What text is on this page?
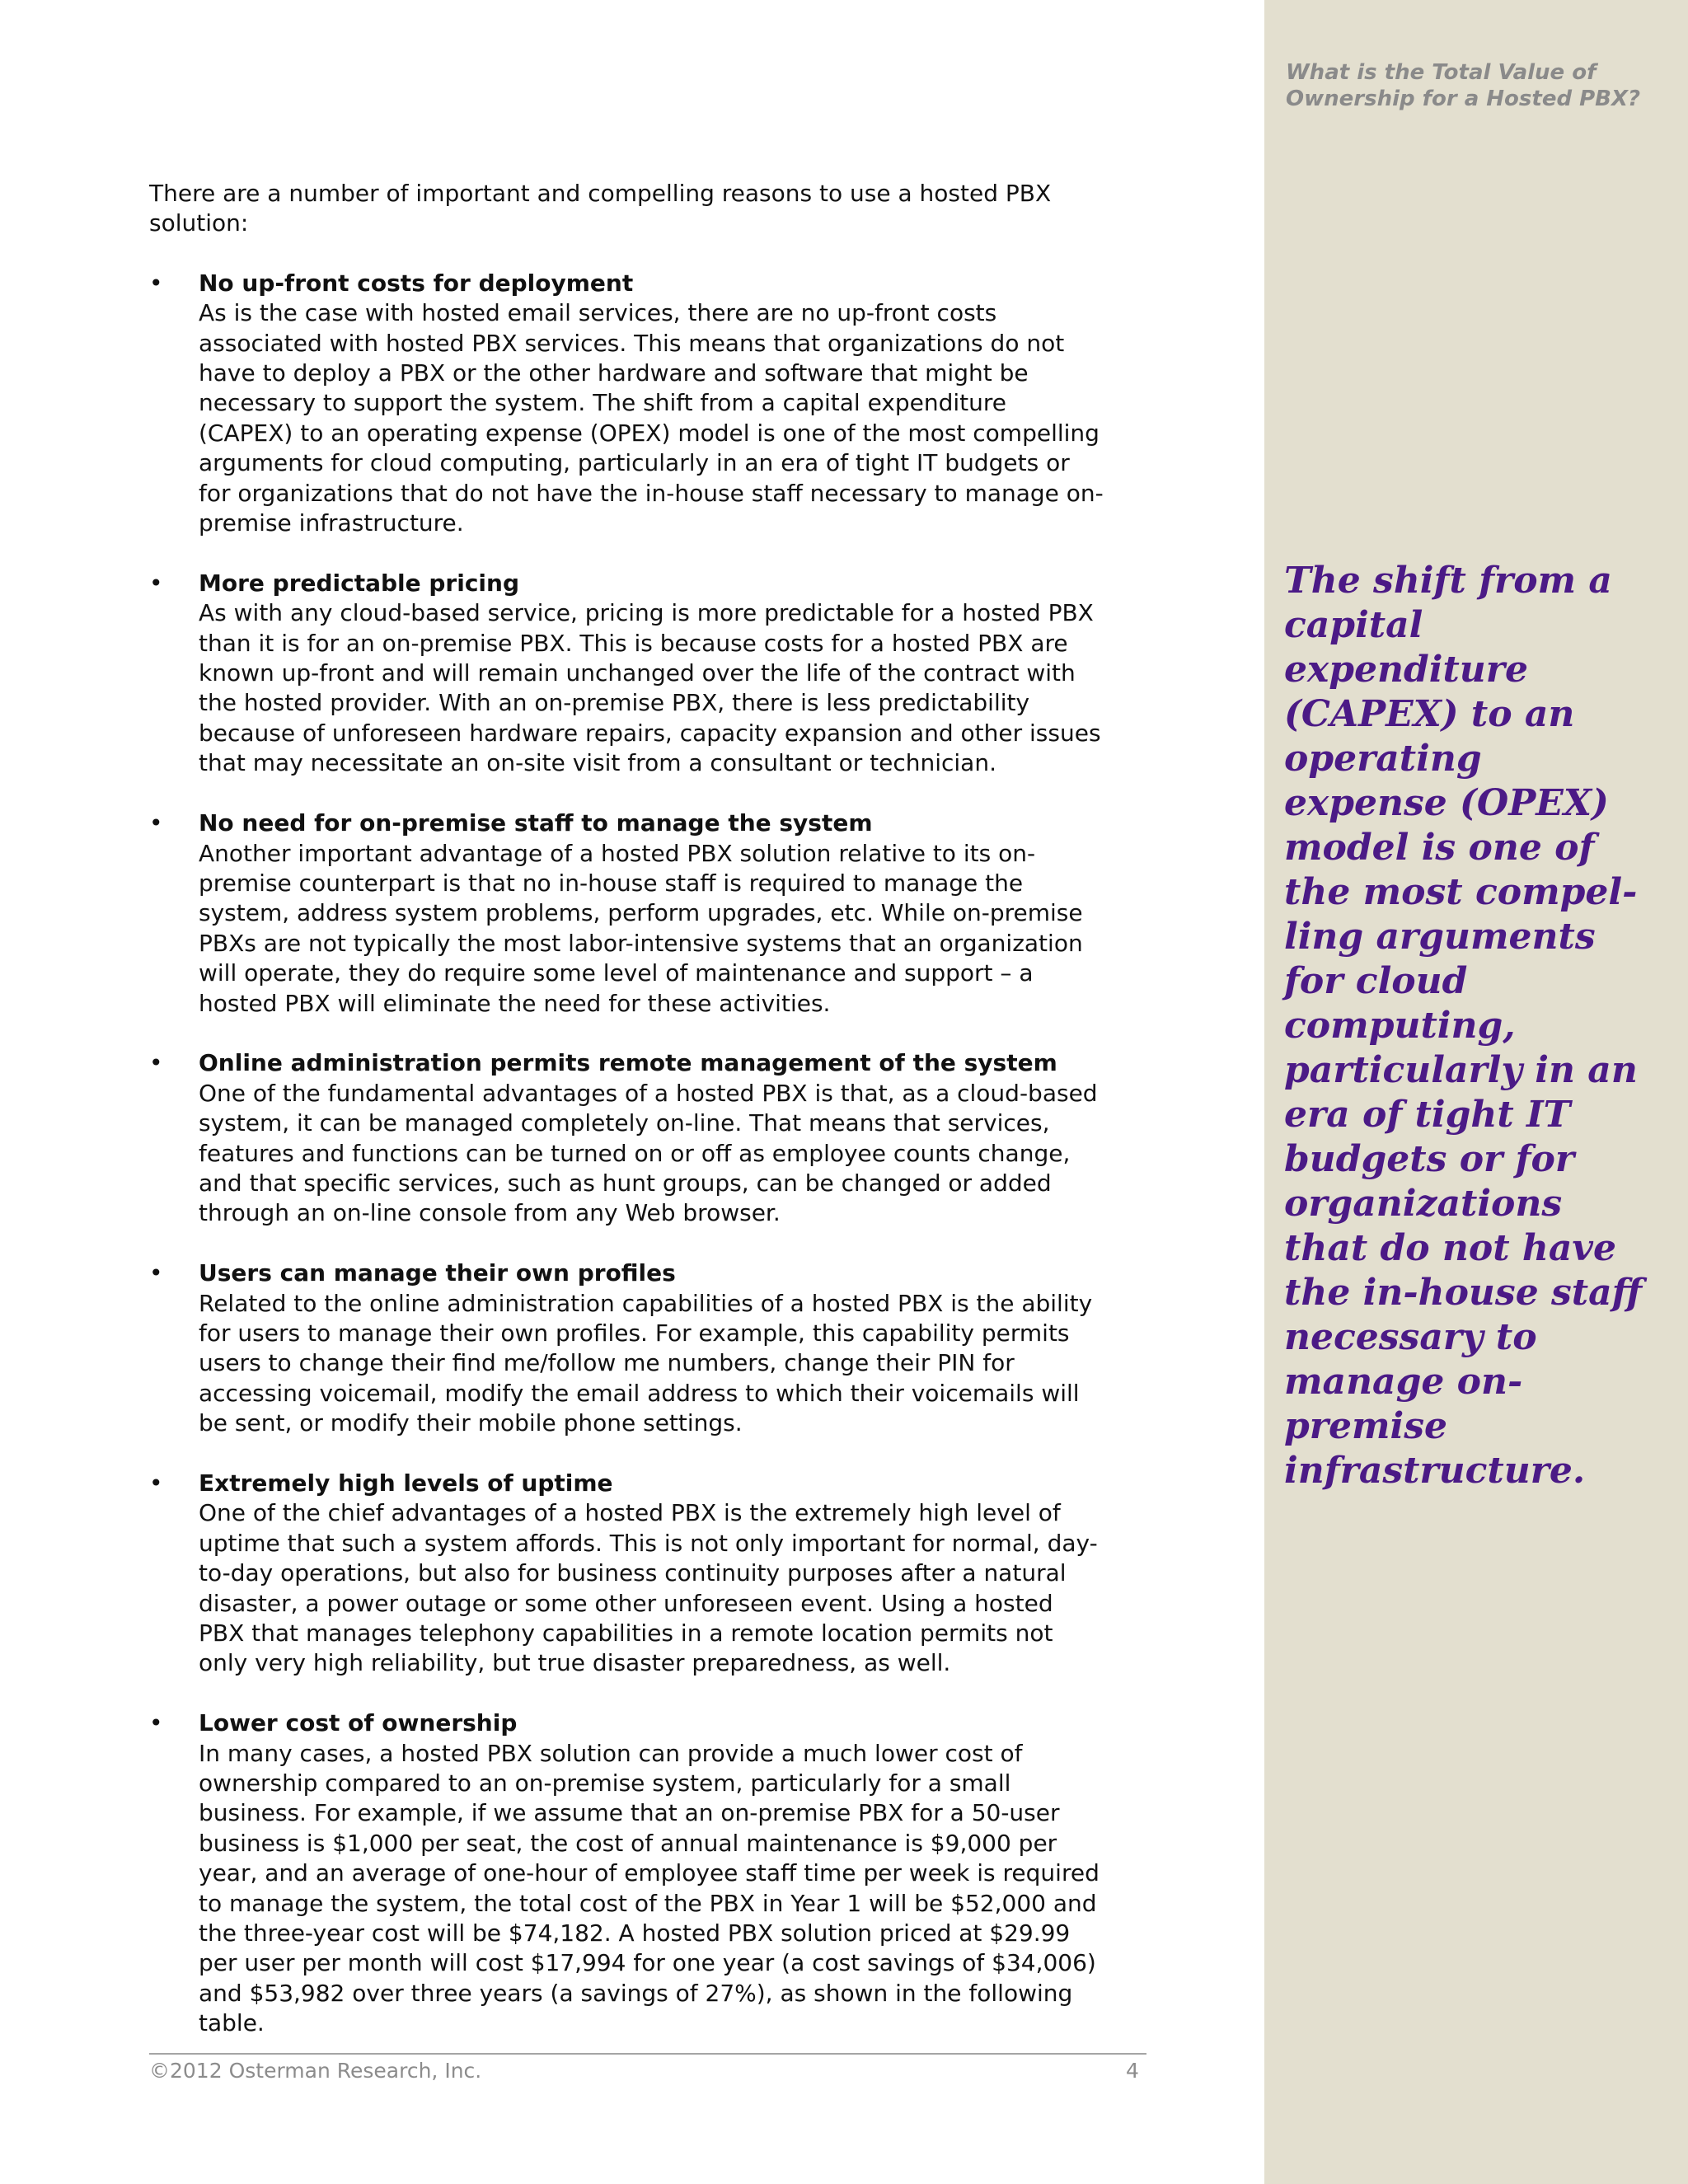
What is the Total Value of Ownership for a Hosted PBX?
The shift from a capital expenditure (CAPEX) to an operating expense (OPEX) model is one of the most compel-ling arguments for cloud computing, particularly in an era of tight IT budgets or for organizations that do not have the in-house staff necessary to manage on-premise infrastructure.

There are a number of important and compelling reasons to use a hosted PBX solution:

• No up-front costs for deployment
As is the case with hosted email services, there are no up-front costs associated with hosted PBX services. This means that organizations do not have to deploy a PBX or the other hardware and software that might be necessary to support the system. The shift from a capital expenditure (CAPEX) to an operating expense (OPEX) model is one of the most compelling arguments for cloud computing, particularly in an era of tight IT budgets or for organizations that do not have the in-house staff necessary to manage on-premise infrastructure.
• More predictable pricing
As with any cloud-based service, pricing is more predictable for a hosted PBX than it is for an on-premise PBX. This is because costs for a hosted PBX are known up-front and will remain unchanged over the life of the contract with the hosted provider. With an on-premise PBX, there is less predictability because of unforeseen hardware repairs, capacity expansion and other issues that may necessitate an on-site visit from a consultant or technician.
• No need for on-premise staff to manage the system
Another important advantage of a hosted PBX solution relative to its on-premise counterpart is that no in-house staff is required to manage the system, address system problems, perform upgrades, etc. While on-premise PBXs are not typically the most labor-intensive systems that an organization will operate, they do require some level of maintenance and support – a hosted PBX will eliminate the need for these activities.
• Online administration permits remote management of the system
One of the fundamental advantages of a hosted PBX is that, as a cloud-based system, it can be managed completely on-line. That means that services, features and functions can be turned on or off as employee counts change, and that specific services, such as hunt groups, can be changed or added through an on-line console from any Web browser.
• Users can manage their own profiles
Related to the online administration capabilities of a hosted PBX is the ability for users to manage their own profiles. For example, this capability permits users to change their find me/follow me numbers, change their PIN for accessing voicemail, modify the email address to which their voicemails will be sent, or modify their mobile phone settings.
• Extremely high levels of uptime
One of the chief advantages of a hosted PBX is the extremely high level of uptime that such a system affords. This is not only important for normal, day-to-day operations, but also for business continuity purposes after a natural disaster, a power outage or some other unforeseen event. Using a hosted PBX that manages telephony capabilities in a remote location permits not only very high reliability, but true disaster preparedness, as well.
• Lower cost of ownership
In many cases, a hosted PBX solution can provide a much lower cost of ownership compared to an on-premise system, particularly for a small business. For example, if we assume that an on-premise PBX for a 50-user business is $1,000 per seat, the cost of annual maintenance is $9,000 per year, and an average of one-hour of employee staff time per week is required to manage the system, the total cost of the PBX in Year 1 will be $52,000 and the three-year cost will be $74,182. A hosted PBX solution priced at $29.99 per user per month will cost $17,994 for one year (a cost savings of $34,006) and $53,982 over three years (a savings of 27%), as shown in the following table.
©2012 Osterman Research, Inc.	4
